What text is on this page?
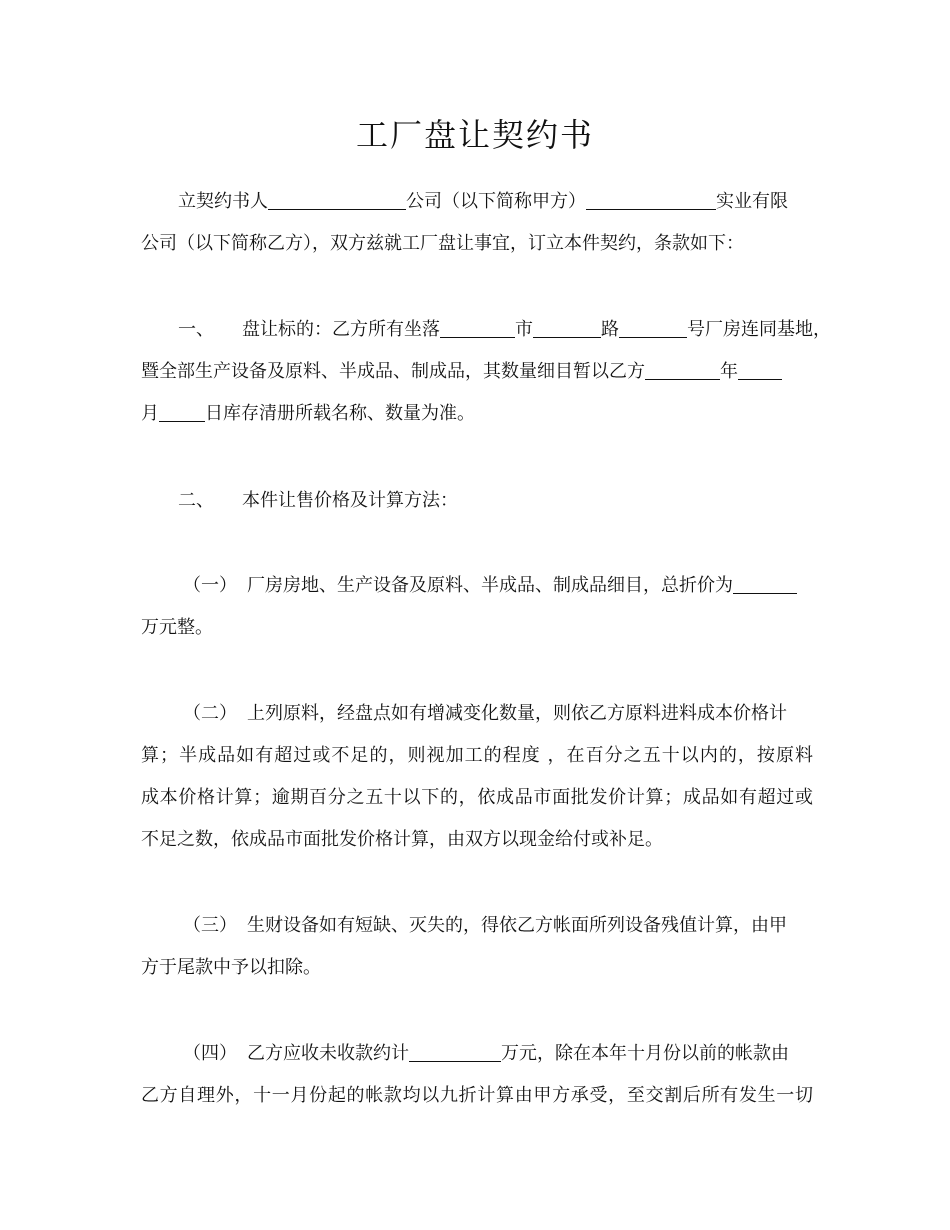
工厂盘让契约书
立契约书人	公司（以下简称甲方）	实业有限
公司（以下简称乙方），双方兹就工厂盘让事宜，订立本件契约，条款如下：
一、 盘让标的：乙方所有坐落	市	路	号厂房连同基地，
暨全部生产设备及原料、半成品、制成品，其数量细目暂以乙方	年
月	日库存清册所载名称、数量为准。
二、 本件让售价格及计算方法：
（一） 厂房房地、生产设备及原料、半成品、制成品细目，总折价为
万元整。
（二） 上列原料，经盘点如有增减变化数量，则依乙方原料进料成本价格计
算；半成品如有超过或不足的，则视加工的程度 ，在百分之五十以内的，按原料
成本价格计算；逾期百分之五十以下的，依成品市面批发价计算；成品如有超过或
不足之数，依成品市面批发价格计算，由双方以现金给付或补足。
（三） 生财设备如有短缺、灭失的，得依乙方帐面所列设备残值计算，由甲
方于尾款中予以扣除。
（四） 乙方应收未收款约计	万元，除在本年十月份以前的帐款由
乙方自理外，十一月份起的帐款均以九折计算由甲方承受，至交割后所有发生一切
